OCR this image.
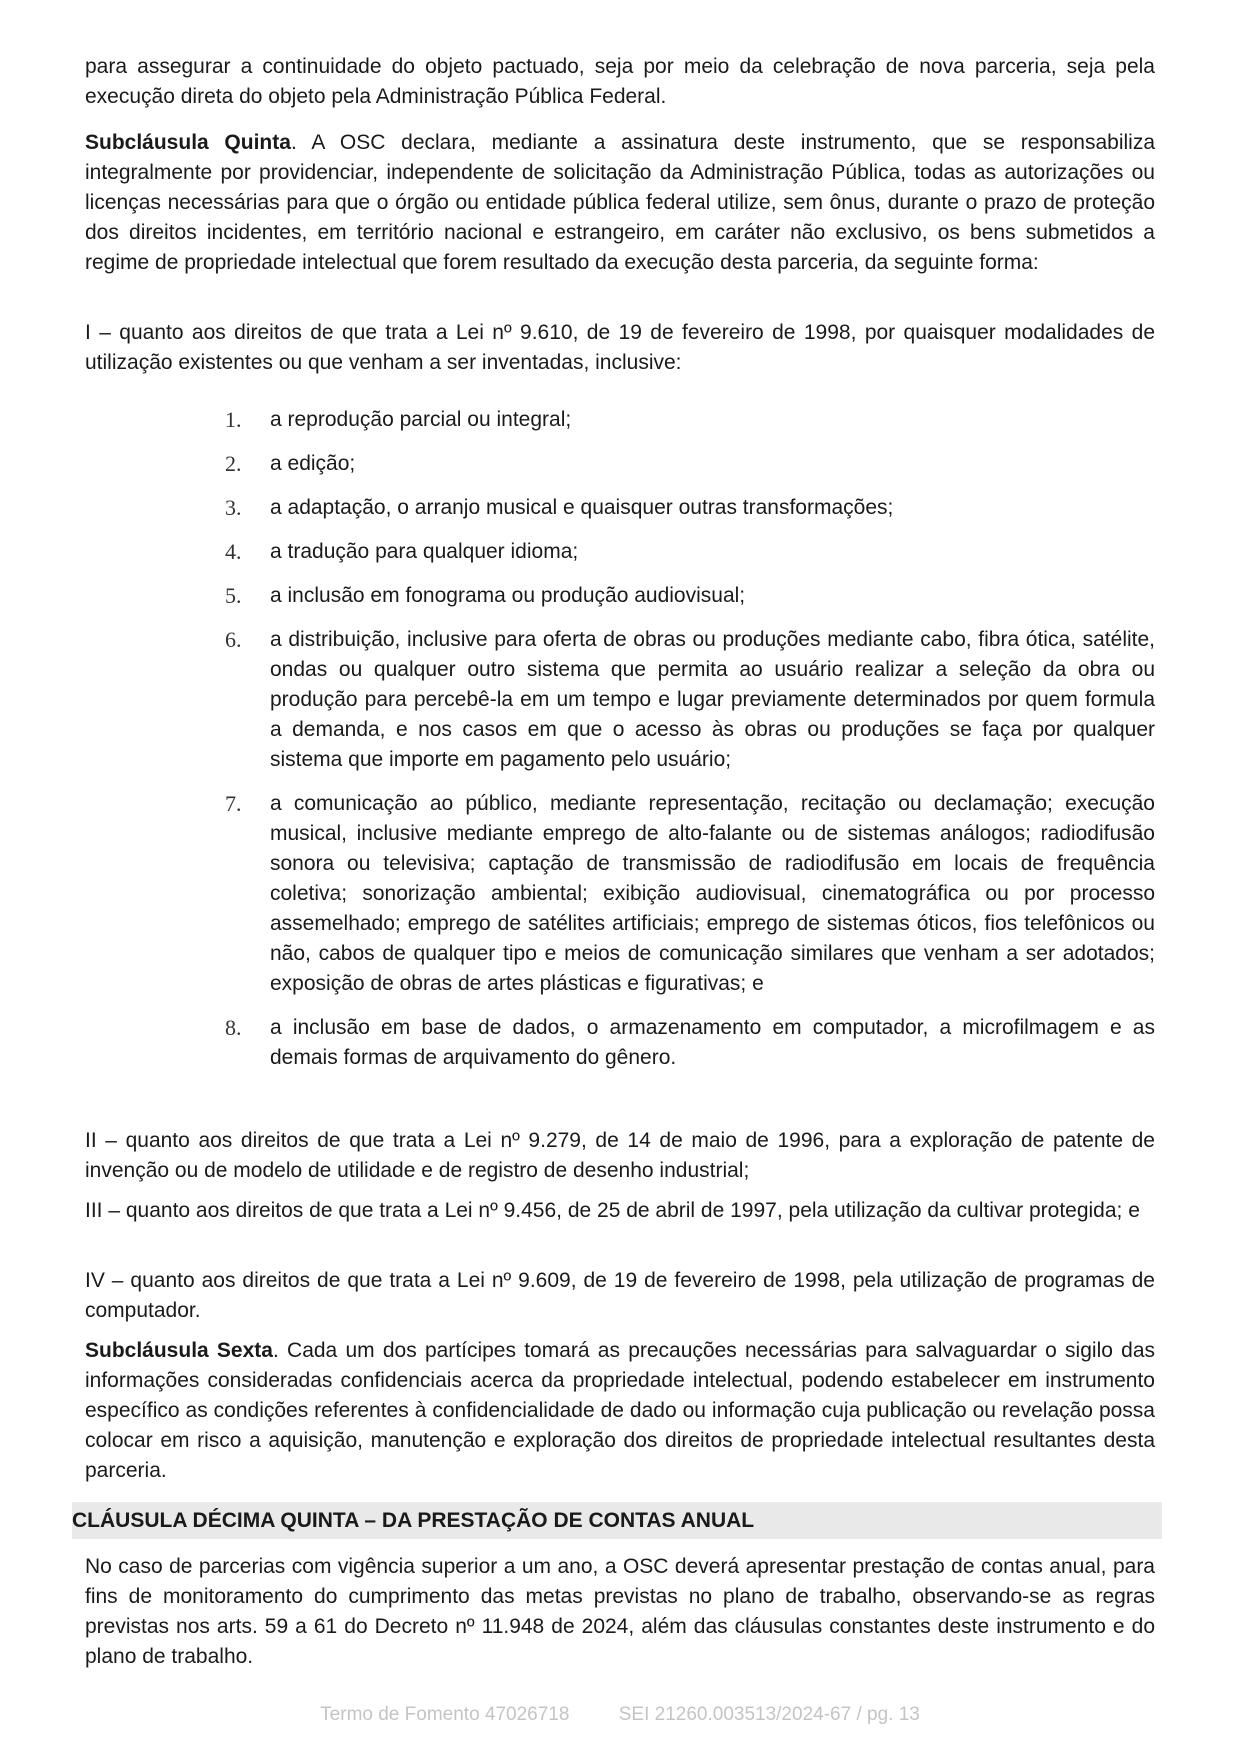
para assegurar a continuidade do objeto pactuado, seja por meio da celebração de nova parceria, seja pela execução direta do objeto pela Administração Pública Federal.

Subcláusula Quinta. A OSC declara, mediante a assinatura deste instrumento, que se responsabiliza integralmente por providenciar, independente de solicitação da Administração Pública, todas as autorizações ou licenças necessárias para que o órgão ou entidade pública federal utilize, sem ônus, durante o prazo de proteção dos direitos incidentes, em território nacional e estrangeiro, em caráter não exclusivo, os bens submetidos a regime de propriedade intelectual que forem resultado da execução desta parceria, da seguinte forma:

I – quanto aos direitos de que trata a Lei nº 9.610, de 19 de fevereiro de 1998, por quaisquer modalidades de utilização existentes ou que venham a ser inventadas, inclusive:

1.	a reprodução parcial ou integral;
2.	a edição;
3.	a adaptação, o arranjo musical e quaisquer outras transformações;
4.	a tradução para qualquer idioma;
5.	a inclusão em fonograma ou produção audiovisual;
6.	a distribuição, inclusive para oferta de obras ou produções mediante cabo, fibra ótica, satélite, ondas ou qualquer outro sistema que permita ao usuário realizar a seleção da obra ou produção para percebê-la em um tempo e lugar previamente determinados por quem formula a demanda, e nos casos em que o acesso às obras ou produções se faça por qualquer sistema que importe em pagamento pelo usuário;
7.	a comunicação ao público, mediante representação, recitação ou declamação; execução musical, inclusive mediante emprego de alto-falante ou de sistemas análogos; radiodifusão sonora ou televisiva; captação de transmissão de radiodifusão em locais de frequência coletiva; sonorização ambiental; exibição audiovisual, cinematográfica ou por processo assemelhado; emprego de satélites artificiais; emprego de sistemas óticos, fios telefônicos ou não, cabos de qualquer tipo e meios de comunicação similares que venham a ser adotados; exposição de obras de artes plásticas e figurativas; e
8.	a inclusão em base de dados, o armazenamento em computador, a microfilmagem e as demais formas de arquivamento do gênero.

II – quanto aos direitos de que trata a Lei nº 9.279, de 14 de maio de 1996, para a exploração de patente de invenção ou de modelo de utilidade e de registro de desenho industrial;

III – quanto aos direitos de que trata a Lei nº 9.456, de 25 de abril de 1997, pela utilização da cultivar protegida; e

IV – quanto aos direitos de que trata a Lei nº 9.609, de 19 de fevereiro de 1998, pela utilização de programas de computador.

Subcláusula Sexta. Cada um dos partícipes tomará as precauções necessárias para salvaguardar o sigilo das informações consideradas confidenciais acerca da propriedade intelectual, podendo estabelecer em instrumento específico as condições referentes à confidencialidade de dado ou informação cuja publicação ou revelação possa colocar em risco a aquisição, manutenção e exploração dos direitos de propriedade intelectual resultantes desta parceria.

CLÁUSULA DÉCIMA QUINTA – DA PRESTAÇÃO DE CONTAS ANUAL

No caso de parcerias com vigência superior a um ano, a OSC deverá apresentar prestação de contas anual, para fins de monitoramento do cumprimento das metas previstas no plano de trabalho, observando-se as regras previstas nos arts. 59 a 61 do Decreto nº 11.948 de 2024, além das cláusulas constantes deste instrumento e do plano de trabalho.

Termo de Fomento 47026718	SEI 21260.003513/2024-67 / pg. 13
